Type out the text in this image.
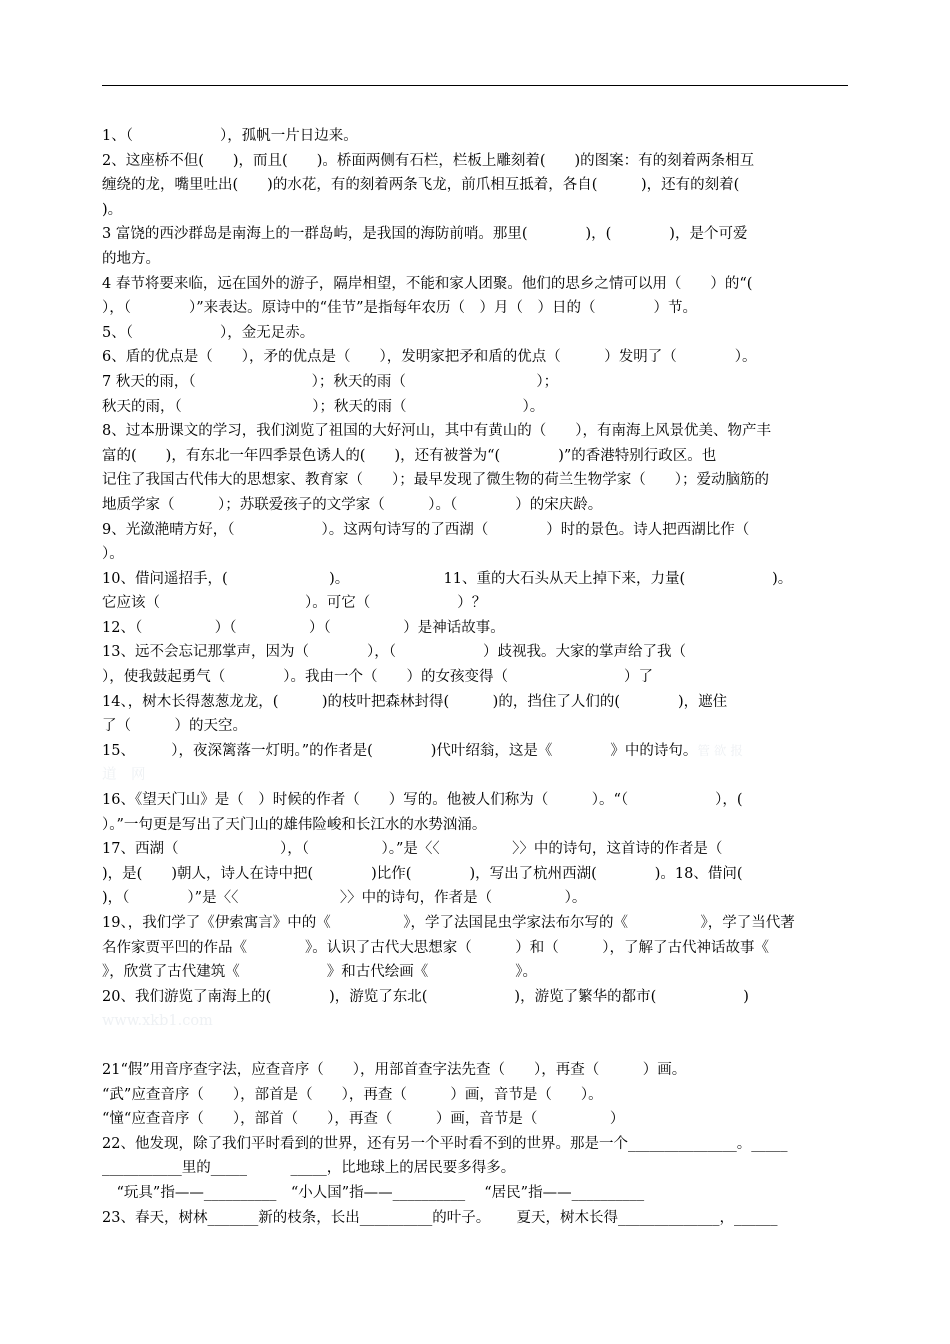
1、（　　　　　　），孤帆一片日边来。
2、这座桥不但(　　)，而且(　　)。桥面两侧有石栏，栏板上雕刻着(　　)的图案：有的刻着两条相互
缠绕的龙，嘴里吐出(　　)的水花，有的刻着两条飞龙，前爪相互抵着，各自(　　　)，还有的刻着(
)。
3 富饶的西沙群岛是南海上的一群岛屿，是我国的海防前哨。那里(　　　　)，(　　　　)，是个可爱
的地方。
4 春节将要来临，远在国外的游子，隔岸相望，不能和家人团聚。他们的思乡之情可以用（　　）的“(
），（　　　　）”来表达。原诗中的“佳节”是指每年农历（　）月（　）日的（　　　　）节。
5、（　　　　　　），金无足赤。
6、盾的优点是（　　），矛的优点是（　　），发明家把矛和盾的优点（　　　）发明了（　　　　）。
7 秋天的雨，（　　　　　　　　）；秋天的雨（　　　　　　　　　）；
秋天的雨，（　　　　　　　　　）；秋天的雨（　　　　　　　　）。
8、过本册课文的学习，我们浏览了祖国的大好河山，其中有黄山的（　　），有南海上风景优美、物产丰
富的(　　)，有东北一年四季景色诱人的(　　)，还有被誉为“(　　　　)”的香港特别行政区。也
记住了我国古代伟大的思想家、教育家（　　）；最早发现了微生物的荷兰生物学家（　　）；爱动脑筋的
地质学家（　　　）；苏联爱孩子的文学家（　　　）。（　　　　）的宋庆龄。
9、光潋滟晴方好，（　　　　　　）。这两句诗写的了西湖（　　　　）时的景色。诗人把西湖比作（
）。
10、借问遥招手，(　　　　　　　)。　　　　　　　11、重的大石头从天上掉下来，力量(　　　　　　)。
它应该（　　　　　　　　　　）。可它（　　　　　　）？
12、（　　　　　）（　　　　　）（　　　　　）是神话故事。
13、远不会忘记那掌声，因为（　　　　），（　　　　　　）歧视我。大家的掌声给了我（
），使我鼓起勇气（　　　　）。我由一个（　　）的女孩变得（　　　　　　　　）了
14、，树木长得葱葱龙龙，(　　　)的枝叶把森林封得(　　　)的，挡住了人们的(　　　　)，遮住
了（　　　）的天空。
15、　　　），夜深篱落一灯明。”的作者是(　　　　)代叶绍翁，这是《　　　　》中的诗句。管 欲 报
道　网
16、《望天门山》是（　）时候的作者（　　）写的。他被人们称为（　　　）。“（　　　　　　），(
）。”一句更是写出了天门山的雄伟险峻和长江水的水势汹涌。
17、西湖（　　　　　　　），（　　　　　）。”是〈〈　　　　　〉〉中的诗句，这首诗的作者是（
)，是(　　)朝人，诗人在诗中把(　　　　)比作(　　　　)，写出了杭州西湖(　　　　)。18、借问(
)，（　　　　）”是〈〈　　　　　　　〉〉中的诗句，作者是（　　　　　）。
19、，我们学了《伊索寓言》中的《　　　　　》，学了法国昆虫学家法布尔写的《　　　　　》，学了当代著
名作家贾平凹的作品《　　　　》。认识了古代大思想家（　　　）和（　　　），了解了古代神话故事《
》，欣赏了古代建筑《　　　　　　》和古代绘画《　　　　　　》。
20、我们游览了南海上的(　　　　)，游览了东北(　　　　　　)，游览了繁华的都市(　　　　　　)
www.xkb1.com
21“假”用音序查字法，应查音序（　　），用部首查字法先查（　　），再查（　　　）画。
“武”应查音序（　　），部首是（　　），再查（　　　）画，音节是（　　）。
“憧“应查音序（　　），部首（　　），再查（　　　）画，音节是（　　　　　）
22、他发现，除了我们平时看到的世界，还有另一个平时看不到的世界。那是一个_______________。_____
___________里的_____　　　_____，比地球上的居民要多得多。
　“玩具”指——__________　“小人国”指——__________　 “居民”指——__________
23、春天，树林_______新的枝条，长出__________的叶子。　　 夏天，树木长得______________，______
